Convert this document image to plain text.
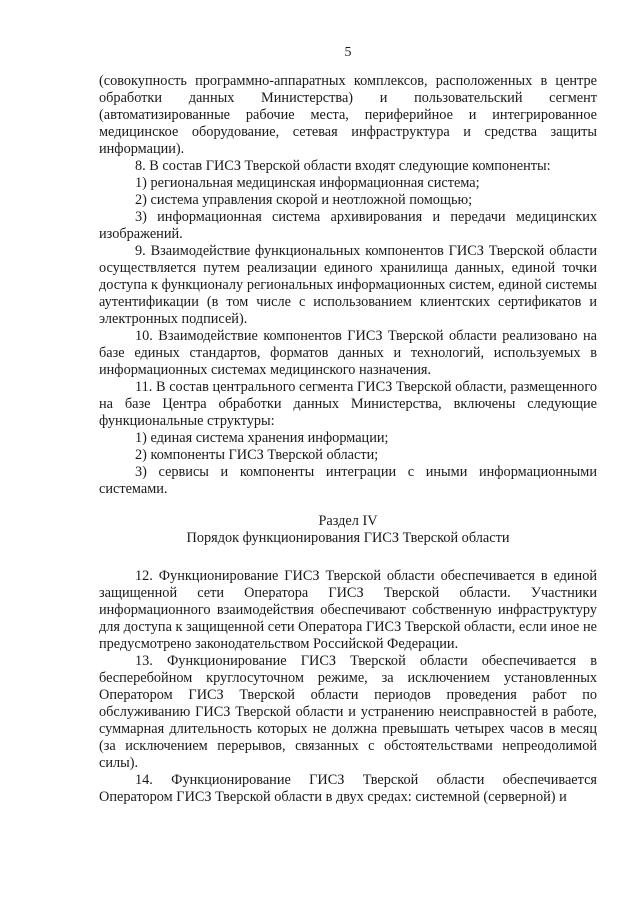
5

(совокупность программно-аппаратных комплексов, расположенных в центре обработки данных Министерства) и пользовательский сегмент (автоматизированные рабочие места, периферийное и интегрированное медицинское оборудование, сетевая инфраструктура и средства защиты информации).

8. В состав ГИСЗ Тверской области входят следующие компоненты:

1) региональная медицинская информационная система;

2) система управления скорой и неотложной помощью;

3) информационная система архивирования и передачи медицинских изображений.

9. Взаимодействие функциональных компонентов ГИСЗ Тверской области осуществляется путем реализации единого хранилища данных, единой точки доступа к функционалу региональных информационных систем, единой системы аутентификации (в том числе с использованием клиентских сертификатов и электронных подписей).

10. Взаимодействие компонентов ГИСЗ Тверской области реализовано на базе единых стандартов, форматов данных и технологий, используемых в информационных системах медицинского назначения.

11. В состав центрального сегмента ГИСЗ Тверской области, размещенного на базе Центра обработки данных Министерства, включены следующие функциональные структуры:

1) единая система хранения информации;

2) компоненты ГИСЗ Тверской области;

3) сервисы и компоненты интеграции с иными информационными системами.

Раздел IV

Порядок функционирования ГИСЗ Тверской области

12. Функционирование ГИСЗ Тверской области обеспечивается в единой защищенной сети Оператора ГИСЗ Тверской области. Участники информационного взаимодействия обеспечивают собственную инфраструктуру для доступа к защищенной сети Оператора ГИСЗ Тверской области, если иное не предусмотрено законодательством Российской Федерации.

13. Функционирование ГИСЗ Тверской области обеспечивается в бесперебойном круглосуточном режиме, за исключением установленных Оператором ГИСЗ Тверской области периодов проведения работ по обслуживанию ГИСЗ Тверской области и устранению неисправностей в работе, суммарная длительность которых не должна превышать четырех часов в месяц (за исключением перерывов, связанных с обстоятельствами непреодолимой силы).

14. Функционирование ГИСЗ Тверской области обеспечивается Оператором ГИСЗ Тверской области в двух средах: системной (серверной) и
